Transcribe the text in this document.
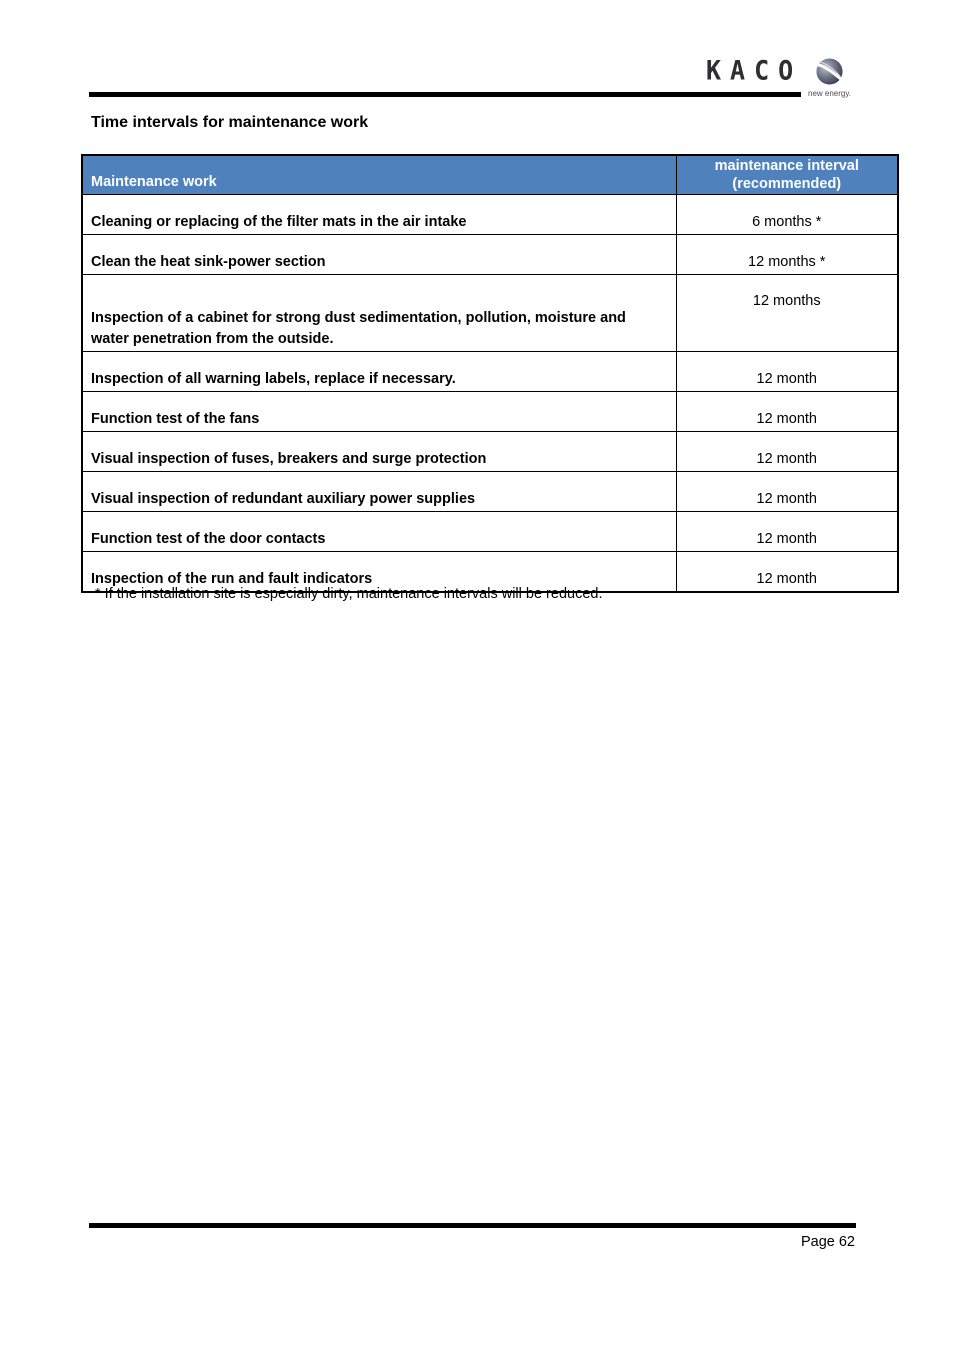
KACO
new energy.
Time intervals for maintenance work
Maintenance work	maintenance interval
(recommended)
Cleaning or replacing of the filter mats in the air intake	6 months *
Clean the heat sink-power section	12 months *
Inspection of a cabinet for strong dust sedimentation, pollution, moisture and water penetration from the outside.	12 months
Inspection of all warning labels, replace if necessary.	12 month
Function test of the fans	12 month
Visual inspection of fuses, breakers and surge protection	12 month
Visual inspection of redundant auxiliary power supplies	12 month
Function test of the door contacts	12 month
Inspection of the run and fault indicators	12 month

* If the installation site is especially dirty, maintenance intervals will be reduced.

Page 62
